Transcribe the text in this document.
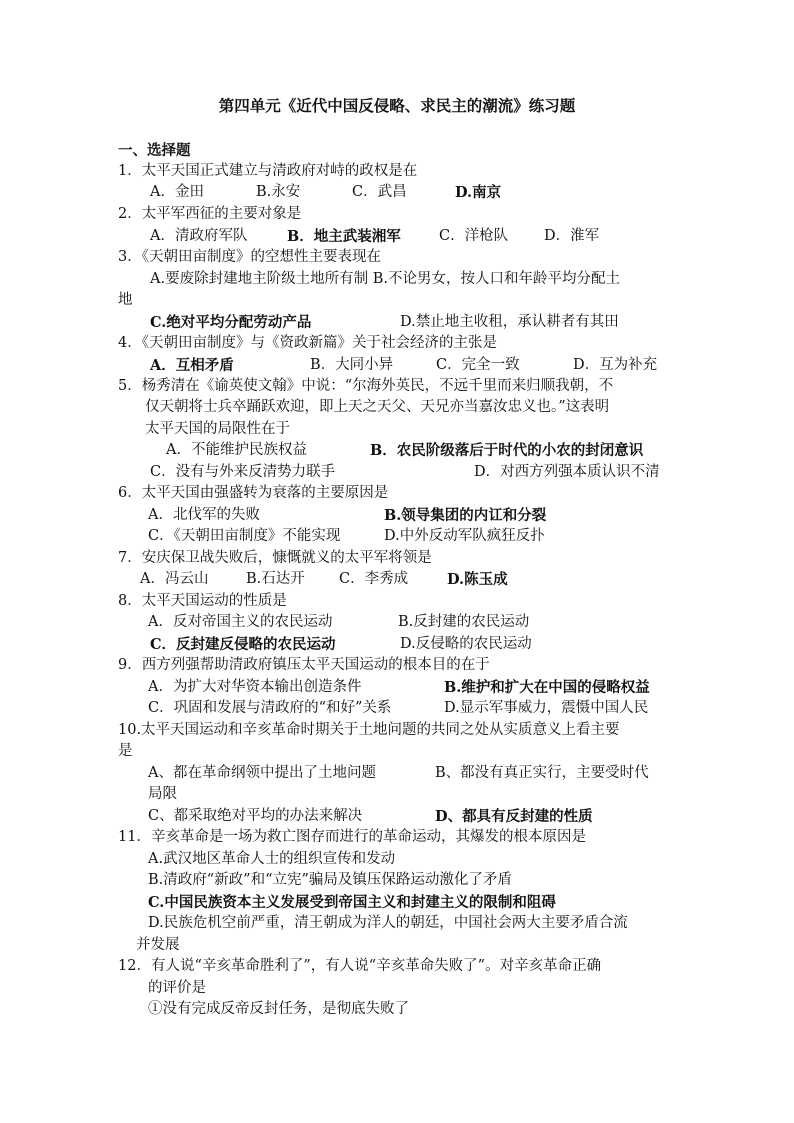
第四单元《近代中国反侵略、求民主的潮流》练习题
一、选择题
1．太平天国正式建立与清政府对峙的政权是在
A．金田	B.永安	C．武昌	D.南京
2．太平军西征的主要对象是
A．清政府军队	B．地主武装湘军	C．洋枪队 D．淮军
3．《天朝田亩制度》的空想性主要表现在
A.要废除封建地主阶级土地所有制 B.不论男女，按人口和年龄平均分配土
地
C.绝对平均分配劳动产品	D.禁止地主收租，承认耕者有其田
4．《天朝田亩制度》与《资政新篇》关于社会经济的主张是
A．互相矛盾	B．大同小异	C．完全一致	D．互为补充
5．杨秀清在《谕英使文翰》中说：“尔海外英民，不远千里而来归顺我朝，不
仅天朝将士兵卒踊跃欢迎，即上天之天父、天兄亦当嘉汝忠义也。”这表明
太平天国的局限性在于
A．不能维护民族权益	B．农民阶级落后于时代的小农的封闭意识
C．没有与外来反清势力联手	D．对西方列强本质认识不清
6．太平天国由强盛转为衰落的主要原因是
A．北伐军的失败	B.领导集团的内讧和分裂
C．《天朝田亩制度》不能实现	D.中外反动军队疯狂反扑
7．安庆保卫战失败后，慷慨就义的太平军将领是
A．冯云山	B.石达开 C．李秀成	D.陈玉成
8．太平天国运动的性质是
A．反对帝国主义的农民运动	B.反封建的农民运动
C．反封建反侵略的农民运动	D.反侵略的农民运动
9．西方列强帮助清政府镇压太平天国运动的根本目的在于
A．为扩大对华资本输出创造条件	B.维护和扩大在中国的侵略权益
C．巩固和发展与清政府的“和好”关系	D.显示军事威力，震慑中国人民
10.太平天国运动和辛亥革命时期关于土地问题的共同之处从实质意义上看主要
是
A、都在革命纲领中提出了土地问题	B、都没有真正实行，主要受时代
局限
C、都采取绝对平均的办法来解决	D、都具有反封建的性质
11．辛亥革命是一场为救亡图存而进行的革命运动，其爆发的根本原因是
A.武汉地区革命人士的组织宣传和发动
B.清政府“新政”和“立宪”骗局及镇压保路运动激化了矛盾
C.中国民族资本主义发展受到帝国主义和封建主义的限制和阻碍
D.民族危机空前严重，清王朝成为洋人的朝廷，中国社会两大主要矛盾合流
并发展
12．有人说“辛亥革命胜利了”，有人说“辛亥革命失败了”。对辛亥革命正确
的评价是
①没有完成反帝反封任务，是彻底失败了
